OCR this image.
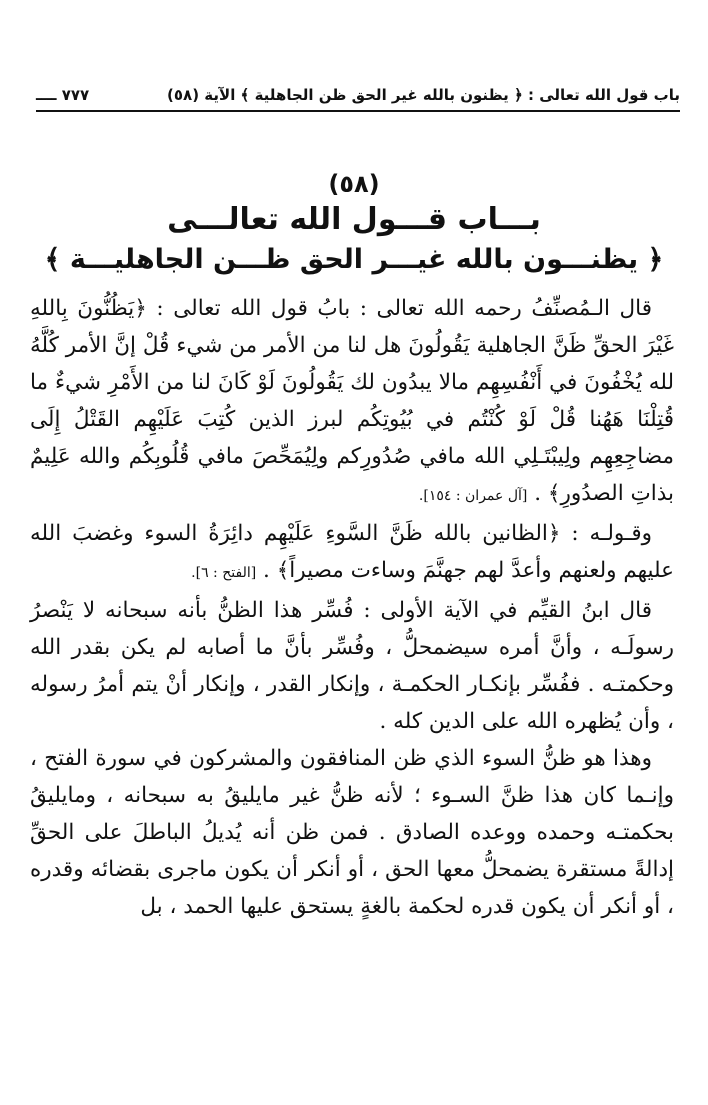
باب قول الله تعالى : ﴿ يظنون بالله غير الحق ظن الجاهلية ﴾ الآية (٥٨)
٧٧٧ ــــ
(٥٨)
بـــاب قـــول الله تعالـــى
﴿ يظنـــون بالله غيـــر الحق ظـــن الجاهليـــة ﴾

قال الـمُصنِّفُ رحمه الله تعالى : بابُ قول الله تعالى : ﴿يَظُنُّونَ بِاللهِ غَيْرَ الحقِّ ظَنَّ الجاهلية يَقُولُونَ هل لنا من الأمر من شيء قُلْ إنَّ الأمر كُلَّهُ لله يُخْفُونَ في أَنْفُسِهِم مالا يبدُون لك يَقُولُونَ لَوْ كَانَ لنا من الأَمْرِ شيءٌ ما قُتِلْنَا هَهُنا قُلْ لَوْ كُنْتُم في بُيُوتِكُم لبرز الذين كُتِبَ عَلَيْهِم القَتْلُ إِلَى مضاجِعِهِم ولِيبْتَـلِي الله مافي صُدُورِكم ولِيُمَحِّصَ مافي قُلُوبِكُم والله عَلِيمٌ بذاتِ الصدُورِ﴾ . [آل عمران : ١٥٤].

وقـولـه : ﴿الظانين بالله ظَنَّ السَّوءِ عَلَيْهِم دائِرَةُ السوء وغضبَ الله عليهم ولعنهم وأعدَّ لهم جهنَّمَ وساءت مصيراً﴾ . [الفتح : ٦].

قال ابنُ القيِّم في الآية الأولى : فُسِّر هذا الظنُّ بأنه سبحانه لا يَنْصرُ رسولَـه ، وأنَّ أمره سيضمحلُّ ، وفُسِّر بأنَّ ما أصابه لم يكن بقدر الله وحكمتـه . ففُسِّر بإنكـار الحكمـة ، وإنكار القدر ، وإنكار أنْ يتم أمرُ رسوله ، وأن يُظهره الله على الدين كله .

وهذا هو ظنُّ السوء الذي ظن المنافقون والمشركون في سورة الفتح ، وإنـما كان هذا ظنَّ السـوء ؛ لأنه ظنُّ غير مايليقُ به سبحانه ، ومايليقُ بحكمتـه وحمده ووعده الصادق . فمن ظن أنه يُديلُ الباطلَ على الحقِّ إدالةً مستقرة يضمحلُّ معها الحق ، أو أنكر أن يكون ماجرى بقضائه وقدره ، أو أنكر أن يكون قدره لحكمة بالغةٍ يستحق عليها الحمد ، بل
